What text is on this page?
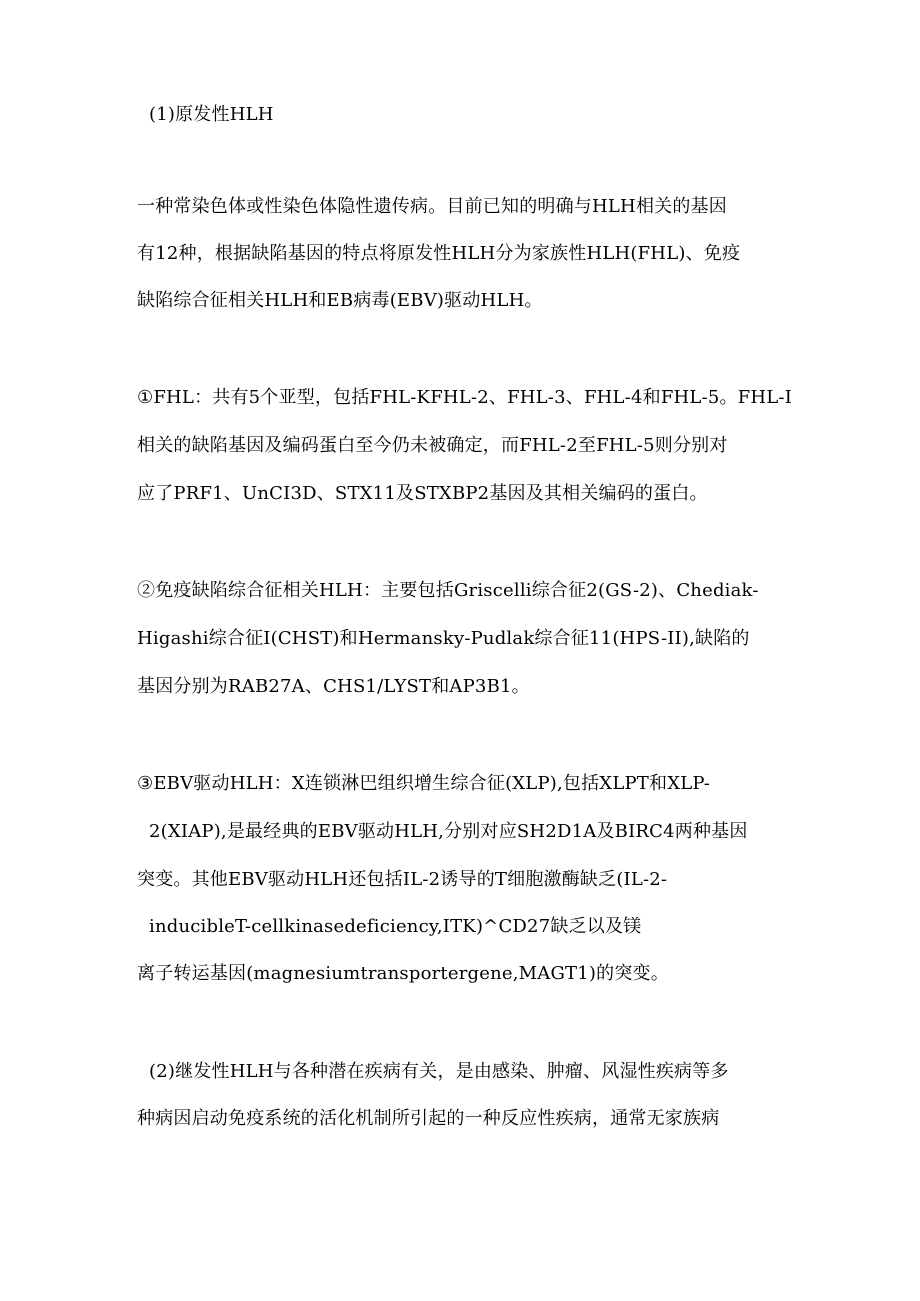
(1)原发性HLH
一种常染色体或性染色体隐性遗传病。目前已知的明确与HLH相关的基因
有12种，根据缺陷基因的特点将原发性HLH分为家族性HLH(FHL)、免疫
缺陷综合征相关HLH和EB病毒(EBV)驱动HLH。
①FHL：共有5个亚型，包括FHL-KFHL-2、FHL-3、FHL-4和FHL-5。FHL-I
相关的缺陷基因及编码蛋白至今仍未被确定，而FHL-2至FHL-5则分别对
应了PRF1、UnCI3D、STX11及STXBP2基因及其相关编码的蛋白。
②免疫缺陷综合征相关HLH：主要包括Griscelli综合征2(GS-2)、Chediak-
Higashi综合征I(CHST)和Hermansky-Pudlak综合征11(HPS-II),缺陷的
基因分别为RAB27A、CHS1/LYST和AP3B1。
③EBV驱动HLH：X连锁淋巴组织增生综合征(XLP),包括XLPT和XLP-
2(XIAP),是最经典的EBV驱动HLH,分别对应SH2D1A及BIRC4两种基因
突变。其他EBV驱动HLH还包括IL-2诱导的T细胞激酶缺乏(IL-2-
inducibleT-cellkinasedeficiency,ITK)^CD27缺乏以及镁
离子转运基因(magnesiumtransportergene,MAGT1)的突变。
(2)继发性HLH与各种潜在疾病有关，是由感染、肿瘤、风湿性疾病等多
种病因启动免疫系统的活化机制所引起的一种反应性疾病，通常无家族病
